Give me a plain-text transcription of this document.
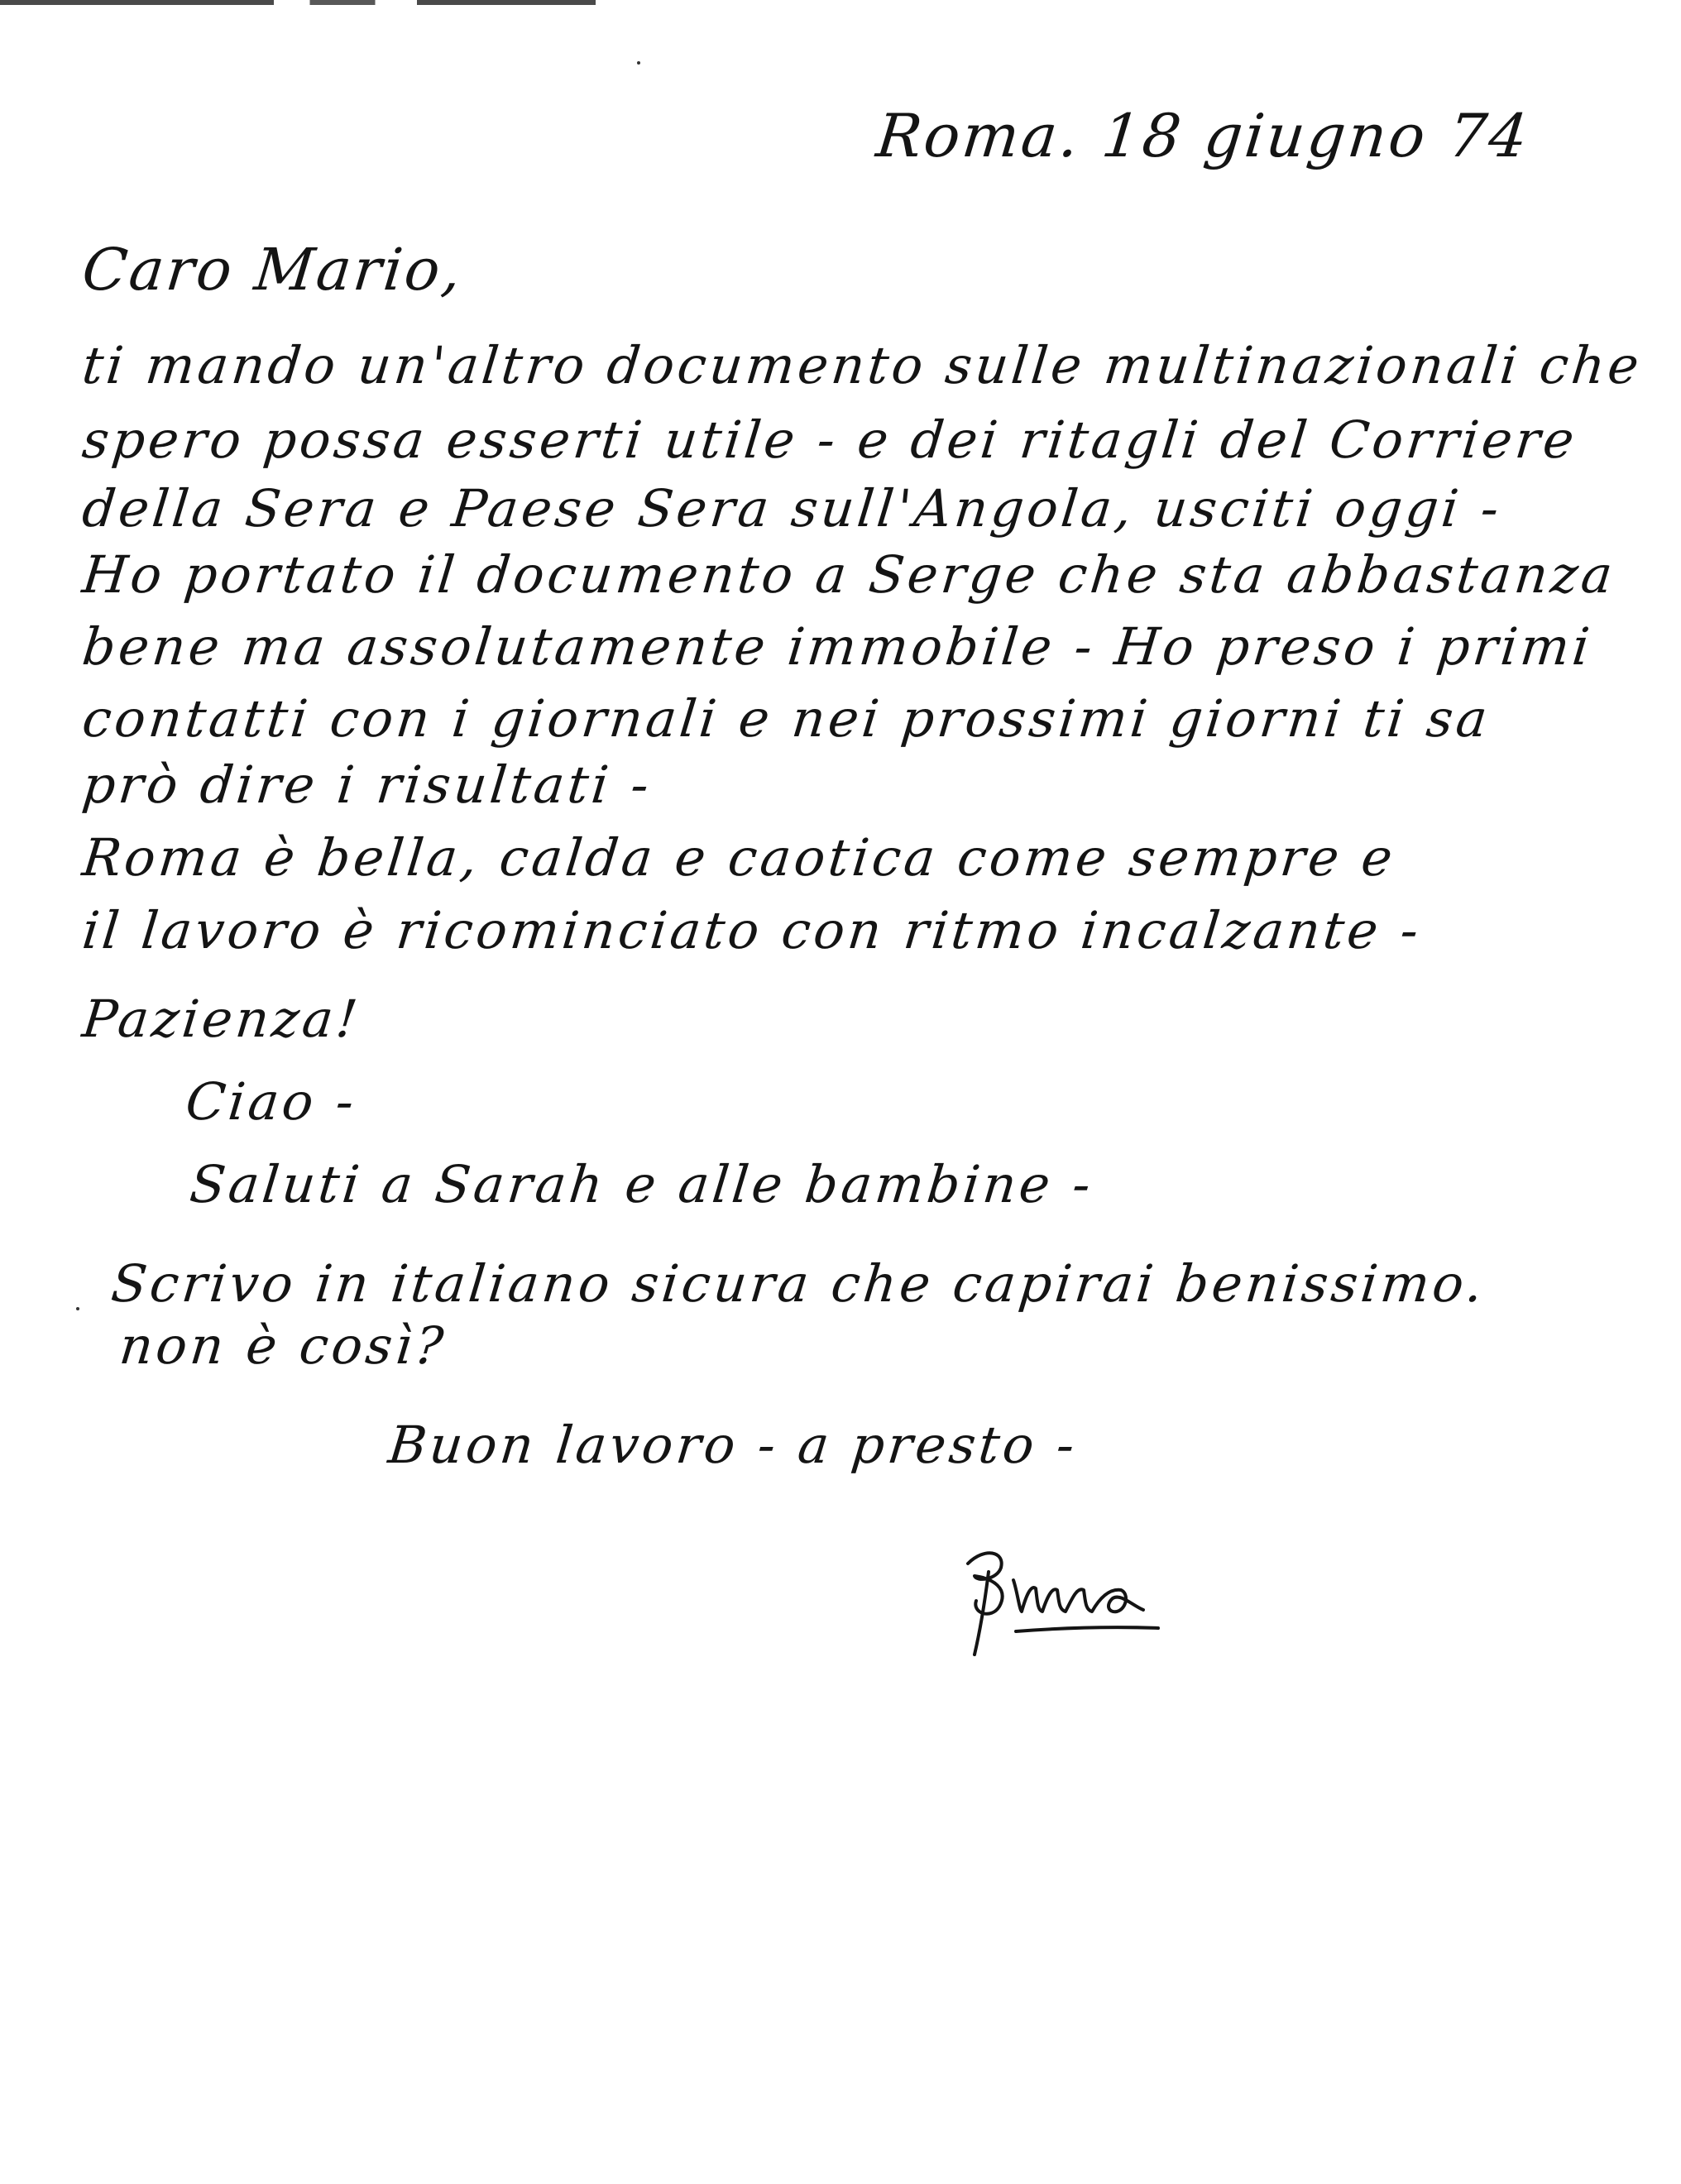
Roma. 18 giugno 74
Caro Mario,
ti mando un'altro documento sulle multinazionali che
spero possa esserti utile - e dei ritagli del Corriere
della Sera e Paese Sera sull'Angola, usciti oggi -
Ho portato il documento a Serge che sta abbastanza
bene ma assolutamente immobile - Ho preso i primi
contatti con i giornali e nei prossimi giorni ti sa
prò dire i risultati -
Roma è bella, calda e caotica come sempre e
il lavoro è ricominciato con ritmo incalzante -
Pazienza!
Ciao -
Saluti a Sarah e alle bambine -
Scrivo in italiano sicura che capirai benissimo.
non è così?
Buon lavoro - a presto -
